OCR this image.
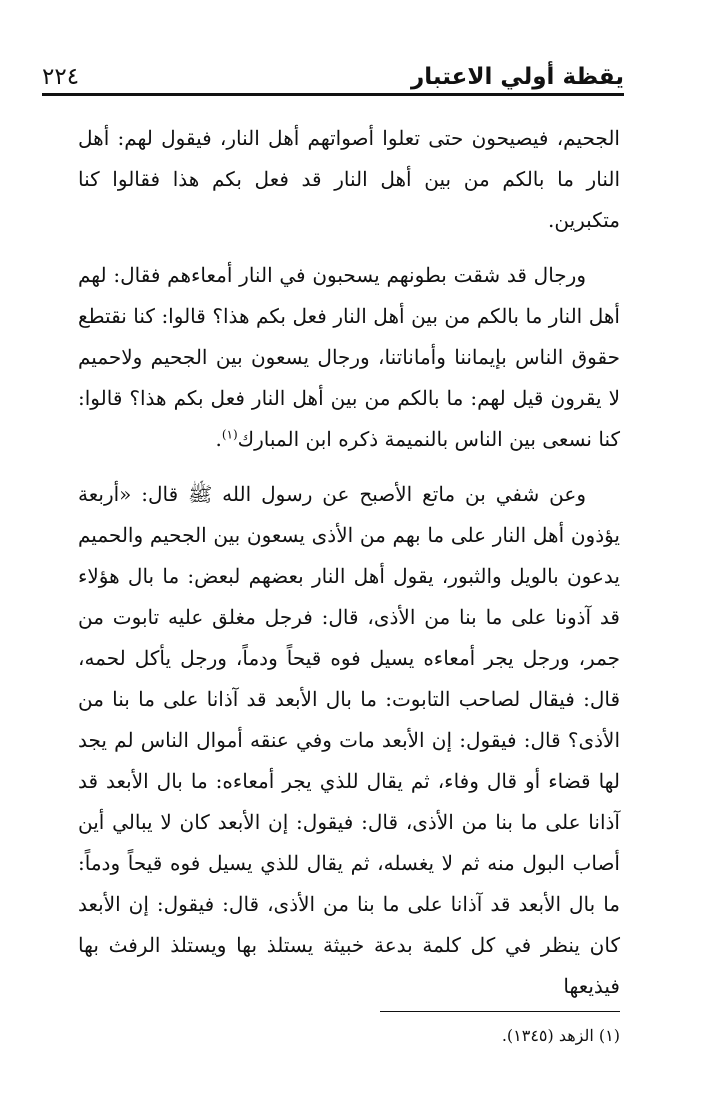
يقظة أولي الاعتبار
٢٢٤

الجحيم، فيصيحون حتى تعلوا أصواتهم أهل النار، فيقول لهم: أهل النار ما بالكم من بين أهل النار قد فعل بكم هذا فقالوا كنا متكبرين.

ورجال قد شقت بطونهم يسحبون في النار أمعاءهم فقال: لهم أهل النار ما بالكم من بين أهل النار فعل بكم هذا؟ قالوا: كنا نقتطع حقوق الناس بإيماننا وأماناتنا، ورجال يسعون بين الجحيم ولاحميم لا يقرون قيل لهم: ما بالكم من بين أهل النار فعل بكم هذا؟ قالوا: كنا نسعى بين الناس بالنميمة ذكره ابن المبارك$^{(١)}$.

وعن شفي بن ماتع الأصبح عن رسول الله ﷺ قال: «أربعة يؤذون أهل النار على ما بهم من الأذى يسعون بين الجحيم والحميم يدعون بالويل والثبور، يقول أهل النار بعضهم لبعض: ما بال هؤلاء قد آذونا على ما بنا من الأذى، قال: فرجل مغلق عليه تابوت من جمر، ورجل يجر أمعاءه يسيل فوه قيحاً ودماً، ورجل يأكل لحمه، قال: فيقال لصاحب التابوت: ما بال الأبعد قد آذانا على ما بنا من الأذى؟ قال: فيقول: إن الأبعد مات وفي عنقه أموال الناس لم يجد لها قضاء أو قال وفاء، ثم يقال للذي يجر أمعاءه: ما بال الأبعد قد آذانا على ما بنا من الأذى، قال: فيقول: إن الأبعد كان لا يبالي أين أصاب البول منه ثم لا يغسله، ثم يقال للذي يسيل فوه قيحاً ودماً: ما بال الأبعد قد آذانا على ما بنا من الأذى، قال: فيقول: إن الأبعد كان ينظر في كل كلمة بدعة خبيثة يستلذ بها ويستلذ الرفث بها فيذيعها

(١) الزهد (١٣٤٥).
